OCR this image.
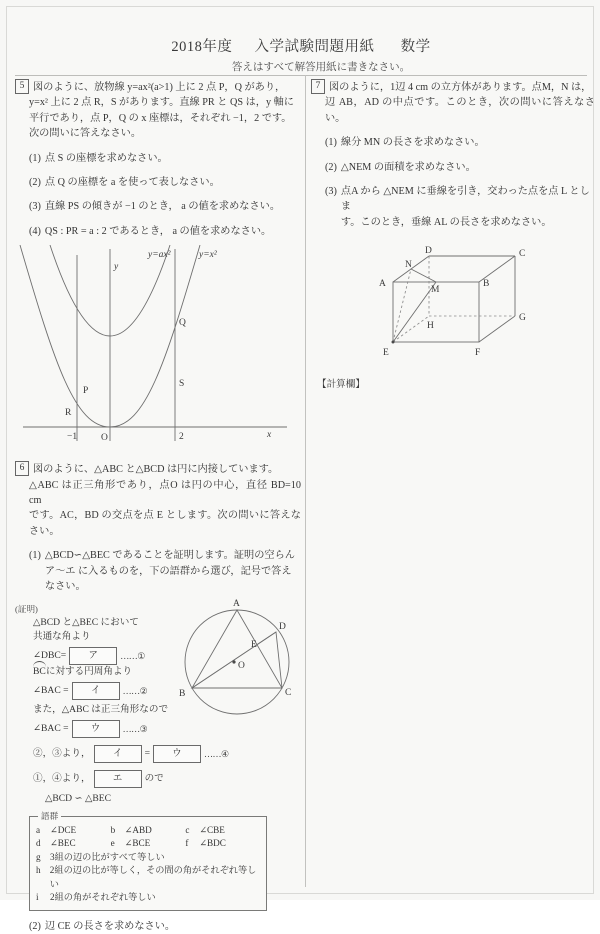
2018年度 入学試験問題用紙 数学
答えはすべて解答用紙に書きなさい。
5 図のように、放物線 y=ax²(a>1) 上に 2 点 P，Q があり，
y=x² 上に 2 点 R，S があります。直線 PR と QS は，y 軸に
平行であり，点 P，Q の x 座標は，それぞれ −1，2 です。
次の問いに答えなさい。
(1) 点 S の座標を求めなさい。
(2) 点 Q の座標を a を使って表しなさい。
(3) 直線 PS の傾きが −1 のとき， a の値を求めなさい。
(4) QS : PR = a : 2 であるとき， a の値を求めなさい。
y=ax²	y=x²
y
x
−1	O	2
P
Q
R
S
6 図のように、△ABC と△BCD は円に内接しています。
△ABC は正三角形であり，点O は円の中心，直径 BD=10 cm
です。AC，BD の交点を点 E とします。次の問いに答えなさい。
(1) △BCD∽△BEC であることを証明します。証明の空らん
ア〜エ に入るものを，下の語群から選び，記号で答えなさい。
(証明)
△BCD と△BEC において
共通な角より
∠DBC=	ア	……①
BCに対する円周角より
∠BAC =	イ	……②
また，△ABC は正三角形なので
∠BAC =	ウ	……③
②，③より，	イ	=	ウ	……④
①，④より，	エ	ので
△BCD ∽ △BEC
A
B	C
D
E
O
語群
a	∠DCE	b	∠ABD	c	∠CBE
d	∠BEC	e	∠BCE	f	∠BDC
g	3組の辺の比がすべて等しい
h	2組の辺の比が等しく，その間の角がそれぞれ等しい
i	2組の角がそれぞれ等しい
(2) 辺 CE の長さを求めなさい。
7 図のように，1辺 4 cm の立方体があります。点M，N は，
辺 AB，AD の中点です。このとき，次の問いに答えなさい。
(1) 線分 MN の長さを求めなさい。
(2) △NEM の面積を求めなさい。
(3) 点A から △NEM に垂線を引き，交わった点を点 L としま
す。このとき，垂線 AL の長さを求めなさい。
A	B
C
D
E	F
G
H
M
N
【計算欄】
